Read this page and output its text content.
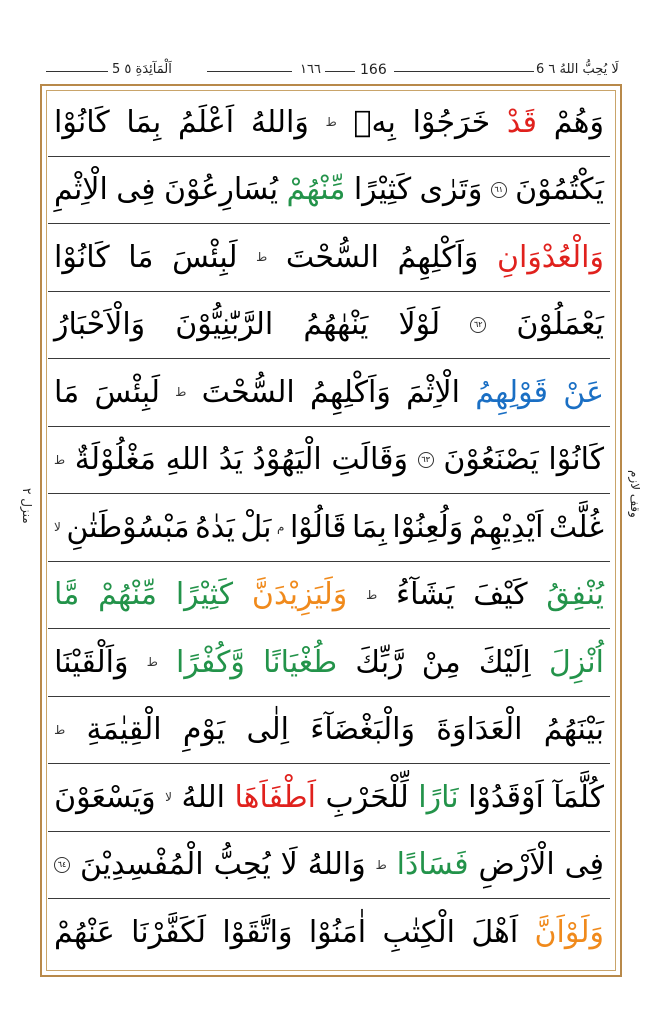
5 اَلْمَآئِدَةِ ٥	١٦٦	166	6 لَا يُحِبُّ اللهُ ٦
منزل ٢	وقف لازم
وَهُمْ
قَدْ
خَرَجُوْا
بِهٖ
ط
وَاللهُ
اَعْلَمُ
بِمَا
كَانُوْا
يَكْتُمُوْنَ
٦١
وَتَرٰى
كَثِيْرًا
مِّنْهُمْ
يُسَارِعُوْنَ
فِى
الْاِثْمِ
وَالْعُدْوَانِ
وَاَكْلِهِمُ
السُّحْتَ
ط
لَبِئْسَ
مَا
كَانُوْا
يَعْمَلُوْنَ
٦٢
لَوْلَا
يَنْهٰهُمُ
الرَّبّٰنِيُّوْنَ
وَالْاَحْبَارُ
عَنْ
قَوْلِهِمُ
الْاِثْمَ
وَاَكْلِهِمُ
السُّحْتَ
ط
لَبِئْسَ
مَا
كَانُوْا
يَصْنَعُوْنَ
٦٣
وَقَالَتِ
الْيَهُوْدُ
يَدُ
اللهِ
مَغْلُوْلَةٌ
ط
غُلَّتْ
اَيْدِيْهِمْ
وَلُعِنُوْا
بِمَا
قَالُوْا
م
بَلْ
يَدٰهُ
مَبْسُوْطَتٰنِ
لا
يُنْفِقُ
كَيْفَ
يَشَآءُ
ط
وَلَيَزِيْدَنَّ
كَثِيْرًا
مِّنْهُمْ
مَّا
اُنْزِلَ
اِلَيْكَ
مِنْ
رَّبِّكَ
طُغْيَانًا
وَّكُفْرًا
ط
وَاَلْقَيْنَا
بَيْنَهُمُ
الْعَدَاوَةَ
وَالْبَغْضَآءَ
اِلٰى
يَوْمِ
الْقِيٰمَةِ
ط
كُلَّمَآ
اَوْقَدُوْا
نَارًا
لِّلْحَرْبِ
اَطْفَاَهَا
اللهُ
لا
وَيَسْعَوْنَ
فِى
الْاَرْضِ
فَسَادًا
ط
وَاللهُ
لَا
يُحِبُّ
الْمُفْسِدِيْنَ
٦٤
وَلَوْاَنَّ
اَهْلَ
الْكِتٰبِ
اٰمَنُوْا
وَاتَّقَوْا
لَكَفَّرْنَا
عَنْهُمْ
